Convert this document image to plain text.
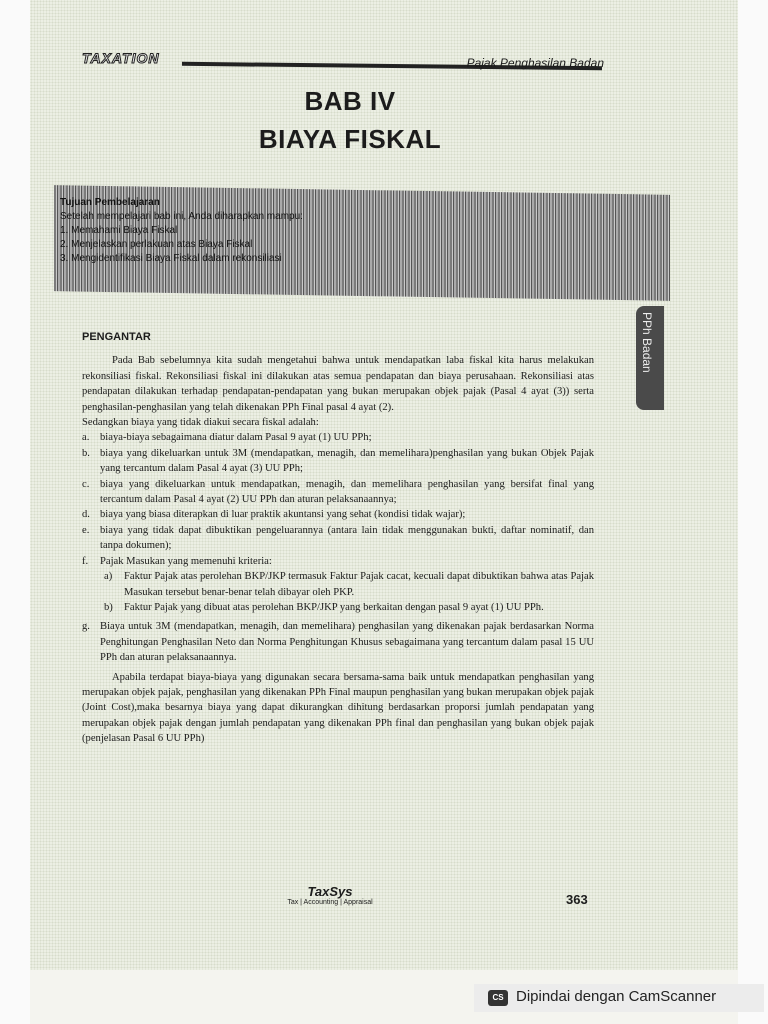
TAXATION	Pajak Penghasilan Badan
BAB IV
BIAYA FISKAL
Tujuan Pembelajaran
Setelah mempelajari bab ini, Anda diharapkan mampu:
1. Memahami Biaya Fiskal
2. Menjelaskan perlakuan atas Biaya Fiskal
3. Mengidentifikasi Biaya Fiskal dalam rekonsiliasi
PPh Badan
PENGANTAR
Pada Bab sebelumnya kita sudah mengetahui bahwa untuk mendapatkan laba fiskal kita harus melakukan rekonsiliasi fiskal. Rekonsiliasi fiskal ini dilakukan atas semua pendapatan dan biaya perusahaan. Rekonsiliasi atas pendapatan dilakukan terhadap pendapatan-pendapatan yang bukan merupakan objek pajak (Pasal 4 ayat (3)) serta penghasilan-penghasilan yang telah dikenakan PPh Final pasal 4 ayat (2).
Sedangkan biaya yang tidak diakui secara fiskal adalah:
a. biaya-biaya sebagaimana diatur dalam Pasal 9 ayat (1) UU PPh;
b. biaya yang dikeluarkan untuk 3M (mendapatkan, menagih, dan memelihara)penghasilan yang bukan Objek Pajak yang tercantum dalam Pasal 4 ayat (3) UU PPh;
c. biaya yang dikeluarkan untuk mendapatkan, menagih, dan memelihara penghasilan yang bersifat final yang tercantum dalam Pasal 4 ayat (2) UU PPh dan aturan pelaksanaannya;
d. biaya yang biasa diterapkan di luar praktik akuntansi yang sehat (kondisi tidak wajar);
e. biaya yang tidak dapat dibuktikan pengeluarannya (antara lain tidak menggunakan bukti, daftar nominatif, dan tanpa dokumen);
f. Pajak Masukan yang memenuhi kriteria:
a) Faktur Pajak atas perolehan BKP/JKP termasuk Faktur Pajak cacat, kecuali dapat dibuktikan bahwa atas Pajak Masukan tersebut benar-benar telah dibayar oleh PKP.
b) Faktur Pajak yang dibuat atas perolehan BKP/JKP yang berkaitan dengan pasal 9 ayat (1) UU PPh.
g. Biaya untuk 3M (mendapatkan, menagih, dan memelihara) penghasilan yang dikenakan pajak berdasarkan Norma Penghitungan Penghasilan Neto dan Norma Penghitungan Khusus sebagaimana yang tercantum dalam pasal 15 UU PPh dan aturan pelaksanaannya.
Apabila terdapat biaya-biaya yang digunakan secara bersama-sama baik untuk mendapatkan penghasilan yang merupakan objek pajak, penghasilan yang dikenakan PPh Final maupun penghasilan yang bukan merupakan objek pajak (Joint Cost),maka besarnya biaya yang dapat dikurangkan dihitung berdasarkan proporsi jumlah pendapatan yang merupakan objek pajak dengan jumlah pendapatan yang dikenakan PPh final dan penghasilan yang bukan objek pajak (penjelasan Pasal 6 UU PPh)
TaxSys
Tax | Accounting | Appraisal	363
CS Dipindai dengan CamScanner
